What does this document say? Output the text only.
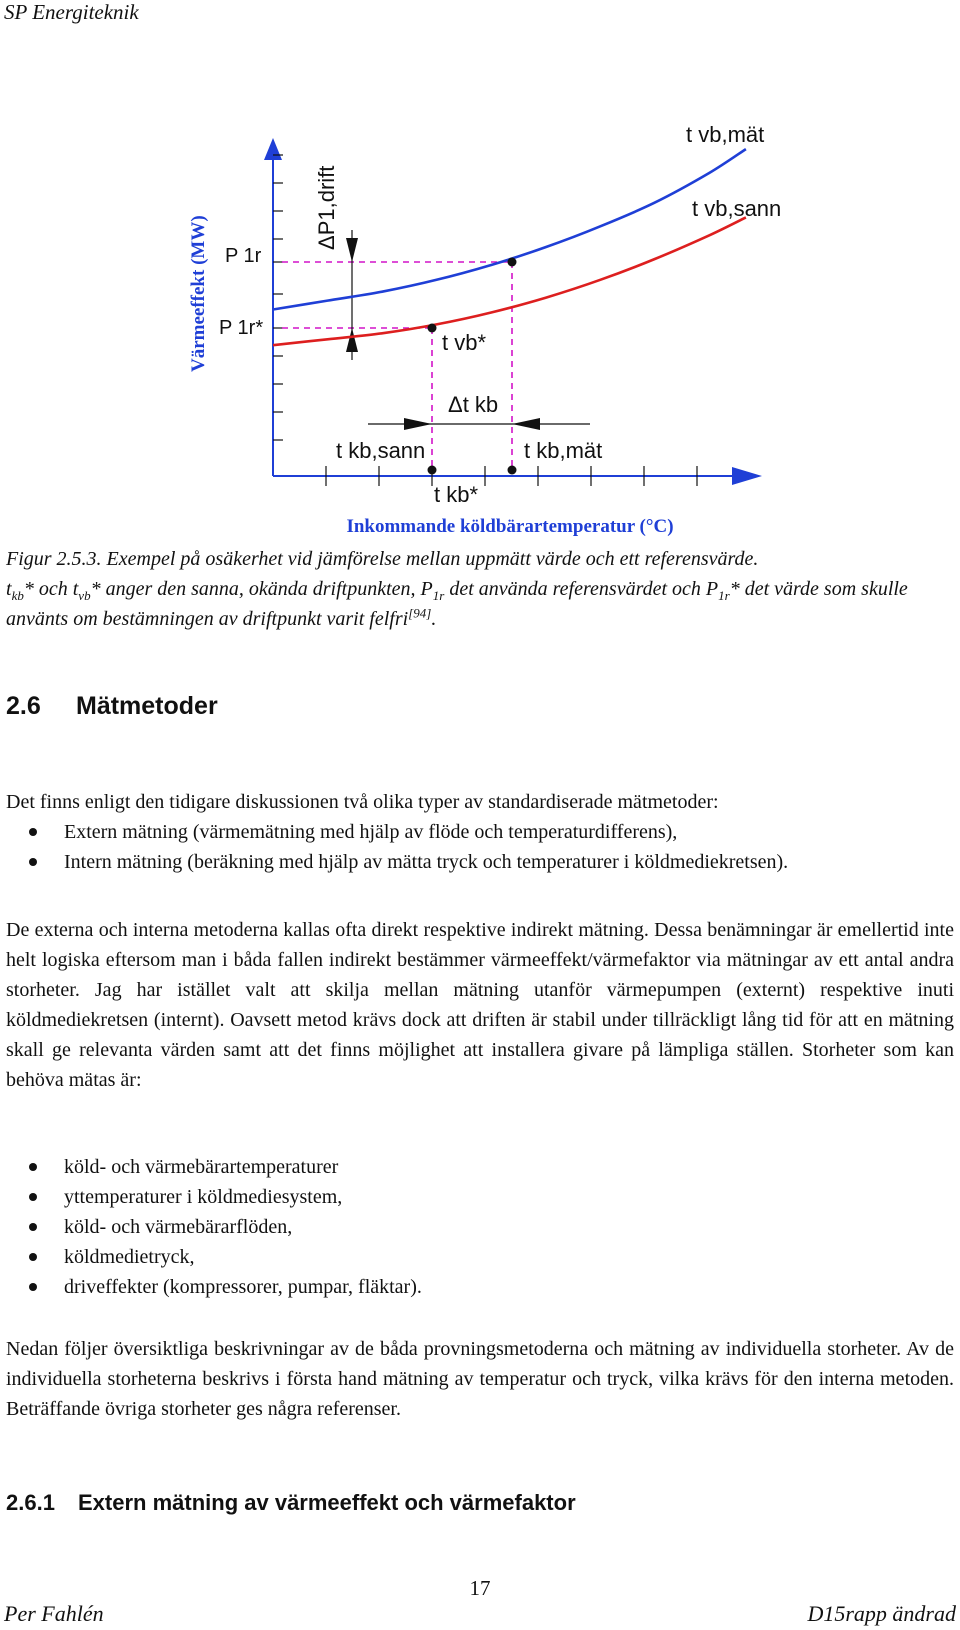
SP Energiteknik
Värmeeffekt (MW) P 1r
P 1r*
ΔP1,drift
t vb*
Δt kb
t kb,sann	t kb,mät
t kb*
t vb,mät
t vb,sann
Inkommande köldbärartemperatur (°C)

Figur 2.5.3. Exempel på osäkerhet vid jämförelse mellan uppmätt värde och ett referensvärde.

$t_{kb}*$ och $t_{vb}*$ anger den sanna, okända driftpunkten, $P_{1r}$ det använda referensvärdet och $P_{1r}*$ det värde som skulle använts om bestämningen av driftpunkt varit felfri[94].

2.6 Mätmetoder

Det finns enligt den tidigare diskussionen två olika typer av standardiserade mätmetoder:

Extern mätning (värmemätning med hjälp av flöde och temperaturdifferens),
Intern mätning (beräkning med hjälp av mätta tryck och temperaturer i köldmediekretsen).

De externa och interna metoderna kallas ofta direkt respektive indirekt mätning. Dessa benämningar är emellertid inte helt logiska eftersom man i båda fallen indirekt bestämmer värmeeffekt/värmefaktor via mätningar av ett antal andra storheter. Jag har istället valt att skilja mellan mätning utanför värmepumpen (externt) respektive inuti köldmediekretsen (internt). Oavsett metod krävs dock att driften är stabil under tillräckligt lång tid för att en mätning skall ge relevanta värden samt att det finns möjlighet att installera givare på lämpliga ställen. Storheter som kan behöva mätas är:

köld- och värmebärartemperaturer
yttemperaturer i köldmediesystem,
köld- och värmebärarflöden,
köldmedietryck,
driveffekter (kompressorer, pumpar, fläktar).

Nedan följer översiktliga beskrivningar av de båda provningsmetoderna och mätning av individuella storheter. Av de individuella storheterna beskrivs i första hand mätning av temperatur och tryck, vilka krävs för den interna metoden. Beträffande övriga storheter ges några referenser.

2.6.1 Extern mätning av värmeeffekt och värmefaktor
17
Per Fahlén	D15rapp ändrad
